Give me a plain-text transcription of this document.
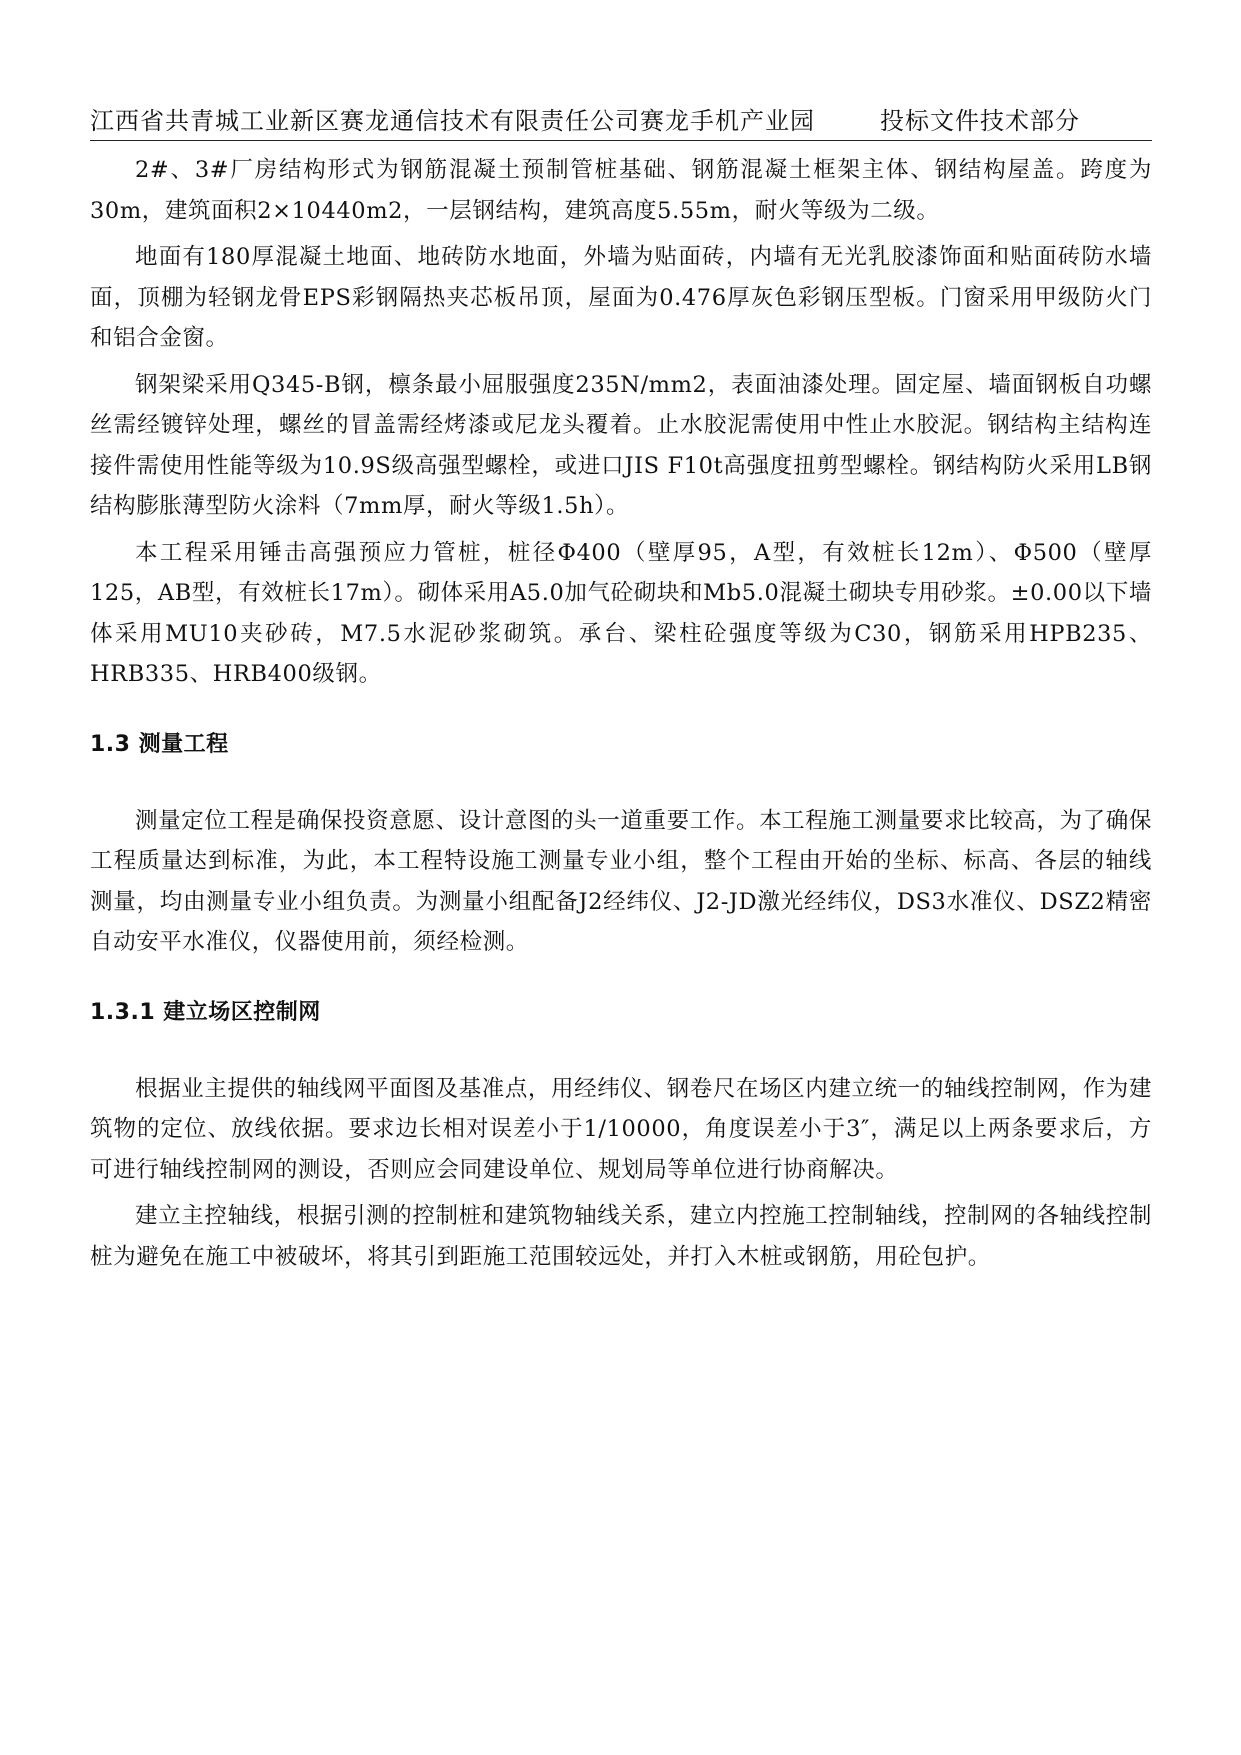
江西省共青城工业新区赛龙通信技术有限责任公司赛龙手机产业园	投标文件技术部分

2#、3#厂房结构形式为钢筋混凝土预制管桩基础、钢筋混凝土框架主体、钢结构屋盖。跨度为30m，建筑面积2×10440m2，一层钢结构，建筑高度5.55m，耐火等级为二级。

地面有180厚混凝土地面、地砖防水地面，外墙为贴面砖，内墙有无光乳胶漆饰面和贴面砖防水墙面，顶棚为轻钢龙骨EPS彩钢隔热夹芯板吊顶，屋面为0.476厚灰色彩钢压型板。门窗采用甲级防火门和铝合金窗。

钢架梁采用Q345-B钢，檩条最小屈服强度235N/mm2，表面油漆处理。固定屋、墙面钢板自功螺丝需经镀锌处理，螺丝的冒盖需经烤漆或尼龙头覆着。止水胶泥需使用中性止水胶泥。钢结构主结构连接件需使用性能等级为10.9S级高强型螺栓，或进口JIS F10t高强度扭剪型螺栓。钢结构防火采用LB钢结构膨胀薄型防火涂料（7mm厚，耐火等级1.5h）。

本工程采用锤击高强预应力管桩，桩径Φ400（壁厚95，A型，有效桩长12m）、Φ500（壁厚125，AB型，有效桩长17m）。砌体采用A5.0加气砼砌块和Mb5.0混凝土砌块专用砂浆。±0.00以下墙体采用MU10夹砂砖，M7.5水泥砂浆砌筑。承台、梁柱砼强度等级为C30，钢筋采用HPB235、HRB335、HRB400级钢。

1.3 测量工程

测量定位工程是确保投资意愿、设计意图的头一道重要工作。本工程施工测量要求比较高，为了确保工程质量达到标准，为此，本工程特设施工测量专业小组，整个工程由开始的坐标、标高、各层的轴线测量，均由测量专业小组负责。为测量小组配备J2经纬仪、J2-JD激光经纬仪，DS3水准仪、DSZ2精密自动安平水准仪，仪器使用前，须经检测。

1.3.1 建立场区控制网

根据业主提供的轴线网平面图及基准点，用经纬仪、钢卷尺在场区内建立统一的轴线控制网，作为建筑物的定位、放线依据。要求边长相对误差小于1/10000，角度误差小于3″，满足以上两条要求后，方可进行轴线控制网的测设，否则应会同建设单位、规划局等单位进行协商解决。

建立主控轴线，根据引测的控制桩和建筑物轴线关系，建立内控施工控制轴线，控制网的各轴线控制桩为避免在施工中被破坏，将其引到距施工范围较远处，并打入木桩或钢筋，用砼包护。
